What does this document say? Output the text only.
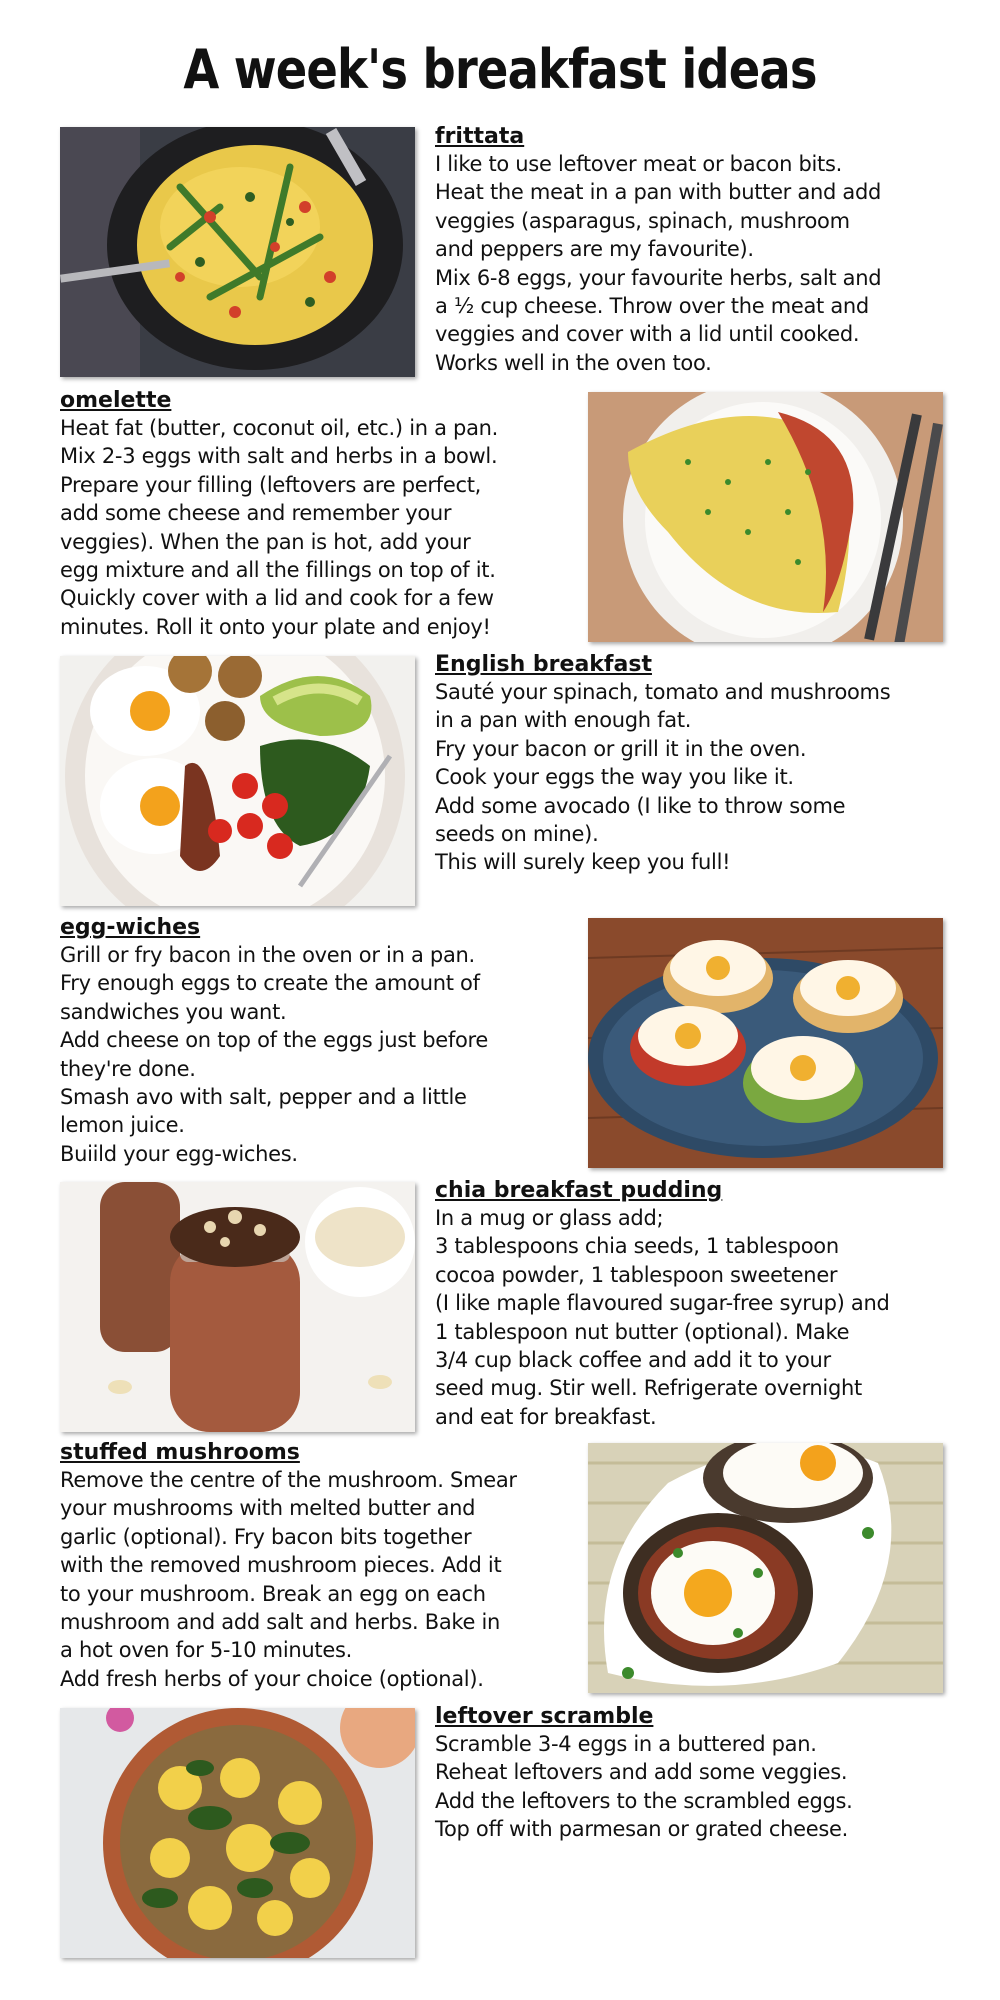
A week's breakfast ideas

frittata

I like to use leftover meat or bacon bits.

Heat the meat in a pan with butter and add

veggies (asparagus, spinach, mushroom

and peppers are my favourite).

Mix 6-8 eggs, your favourite herbs, salt and

a ½ cup cheese. Throw over the meat and

veggies and cover with a lid until cooked.

Works well in the oven too.

omelette

Heat fat (butter, coconut oil, etc.) in a pan.

Mix 2-3 eggs with salt and herbs in a bowl.

Prepare your filling (leftovers are perfect,

add some cheese and remember your

veggies). When the pan is hot, add your

egg mixture and all the fillings on top of it.

Quickly cover with a lid and cook for a few

minutes. Roll it onto your plate and enjoy!

English breakfast

Sauté your spinach, tomato and mushrooms

in a pan with enough fat.

Fry your bacon or grill it in the oven.

Cook your eggs the way you like it.

Add some avocado (I like to throw some

seeds on mine).

This will surely keep you full!

egg-wiches

Grill or fry bacon in the oven or in a pan.

Fry enough eggs to create the amount of

sandwiches you want.

Add cheese on top of the eggs just before

they're done.

Smash avo with salt, pepper and a little

lemon juice.

Buiild your egg-wiches.

chia breakfast pudding

In a mug or glass add;

3 tablespoons chia seeds, 1 tablespoon

cocoa powder, 1 tablespoon sweetener

(I like maple flavoured sugar-free syrup) and

1 tablespoon nut butter (optional). Make

3/4 cup black coffee and add it to your

seed mug. Stir well. Refrigerate overnight

and eat for breakfast.

stuffed mushrooms

Remove the centre of the mushroom. Smear

your mushrooms with melted butter and

garlic (optional). Fry bacon bits together

with the removed mushroom pieces. Add it

to your mushroom. Break an egg on each

mushroom and add salt and herbs. Bake in

a hot oven for 5-10 minutes.

Add fresh herbs of your choice (optional).

leftover scramble

Scramble 3-4 eggs in a buttered pan.

Reheat leftovers and add some veggies.

Add the leftovers to the scrambled eggs.

Top off with parmesan or grated cheese.
